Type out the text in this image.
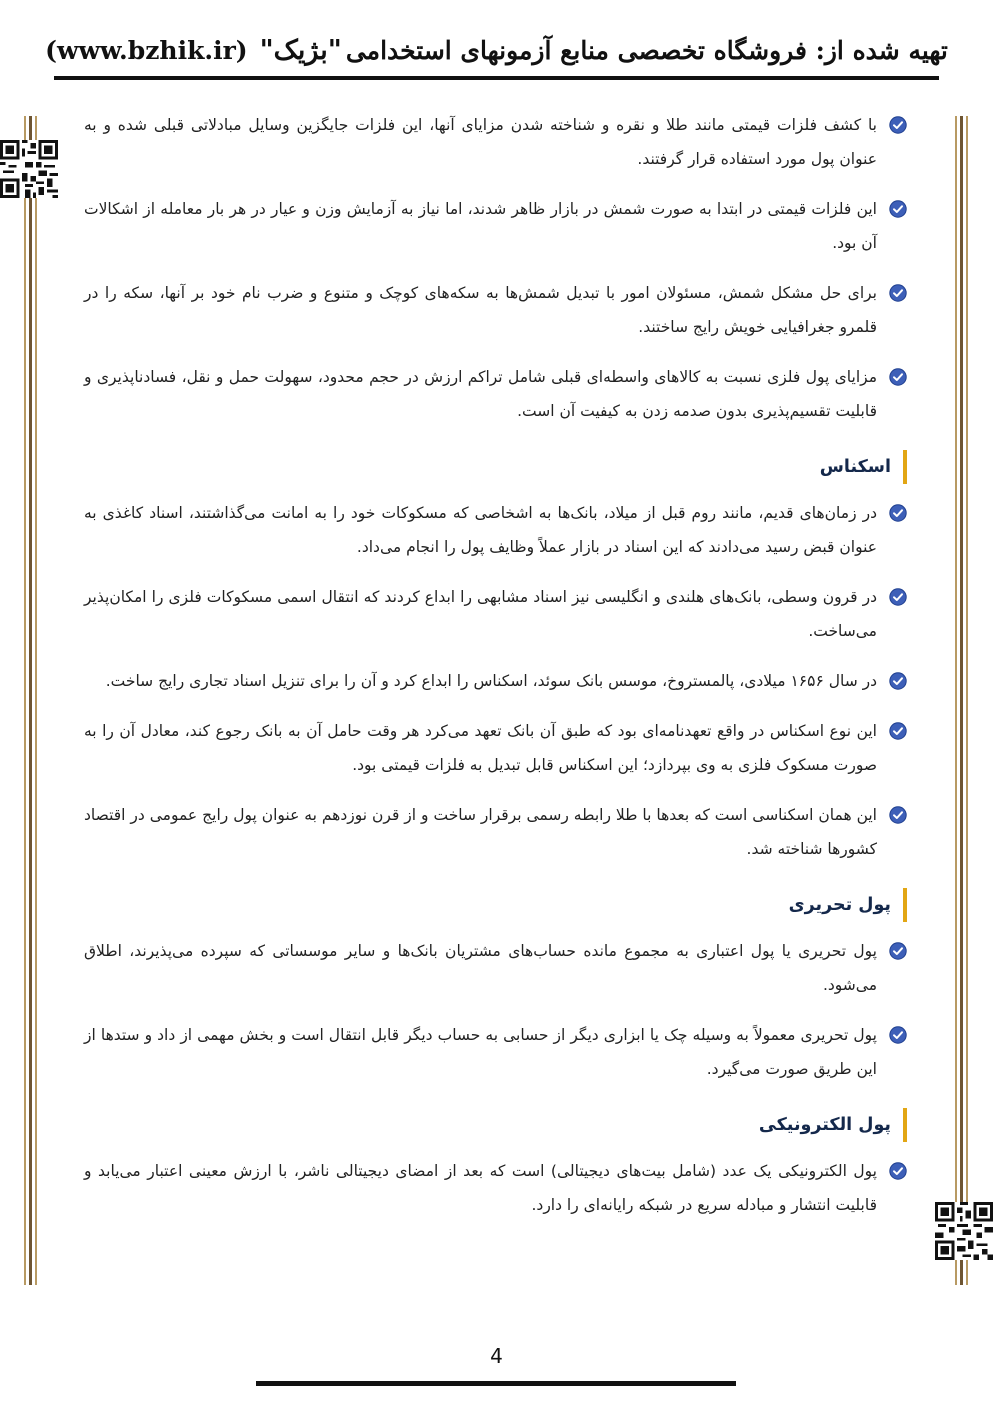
تهیه شده از: فروشگاه تخصصی منابع آزمونهای استخدامی
"بژیک"
(www.bzhik.ir)
با کشف فلزات قیمتی مانند طلا و نقره و شناخته شدن مزایای آنها، این فلزات جایگزین وسایل مبادلاتی قبلی شده و به عنوان پول مورد استفاده قرار گرفتند.
این فلزات قیمتی در ابتدا به صورت شمش در بازار ظاهر شدند، اما نیاز به آزمایش وزن و عیار در هر بار معامله از اشکالات آن بود.
برای حل مشکل شمش، مسئولان امور با تبدیل شمش‌ها به سکه‌های کوچک و متنوع و ضرب نام خود بر آنها، سکه را در قلمرو جغرافیایی خویش رایج ساختند.
مزایای پول فلزی نسبت به کالاهای واسطه‌ای قبلی شامل تراکم ارزش در حجم محدود، سهولت حمل و نقل، فسادناپذیری و قابلیت تقسیم‌پذیری بدون صدمه زدن به کیفیت آن است.
اسکناس
در زمان‌های قدیم، مانند روم قبل از میلاد، بانک‌ها به اشخاصی که مسکوکات خود را به امانت می‌گذاشتند، اسناد کاغذی به عنوان قبض رسید می‌دادند که این اسناد در بازار عملاً وظایف پول را انجام می‌داد.
در قرون وسطی، بانک‌های هلندی و انگلیسی نیز اسناد مشابهی را ابداع کردند که انتقال اسمی مسکوکات فلزی را امکان‌پذیر می‌ساخت.
در سال ۱۶۵۶ میلادی، پالمستروخ، موسس بانک سوئد، اسکناس را ابداع کرد و آن را برای تنزیل اسناد تجاری رایج ساخت.
این نوع اسکناس در واقع تعهدنامه‌ای بود که طبق آن بانک تعهد می‌کرد هر وقت حامل آن به بانک رجوع کند، معادل آن را به صورت مسکوک فلزی به وی بپردازد؛ این اسکناس قابل تبدیل به فلزات قیمتی بود.
این همان اسکناسی است که بعدها با طلا رابطه رسمی برقرار ساخت و از قرن نوزدهم به عنوان پول رایج عمومی در اقتصاد کشورها شناخته شد.
پول تحریری
پول تحریری یا پول اعتباری به مجموع مانده حساب‌های مشتریان بانک‌ها و سایر موسساتی که سپرده می‌پذیرند، اطلاق می‌شود.
پول تحریری معمولاً به وسیله چک یا ابزاری دیگر از حسابی به حساب دیگر قابل انتقال است و بخش مهمی از داد و ستدها از این طریق صورت می‌گیرد.
پول الکترونیکی
پول الکترونیکی یک عدد (شامل بیت‌های دیجیتالی) است که بعد از امضای دیجیتالی ناشر، با ارزش معینی اعتبار می‌یابد و قابلیت انتشار و مبادله سریع در شبکه رایانه‌ای را دارد.
4
